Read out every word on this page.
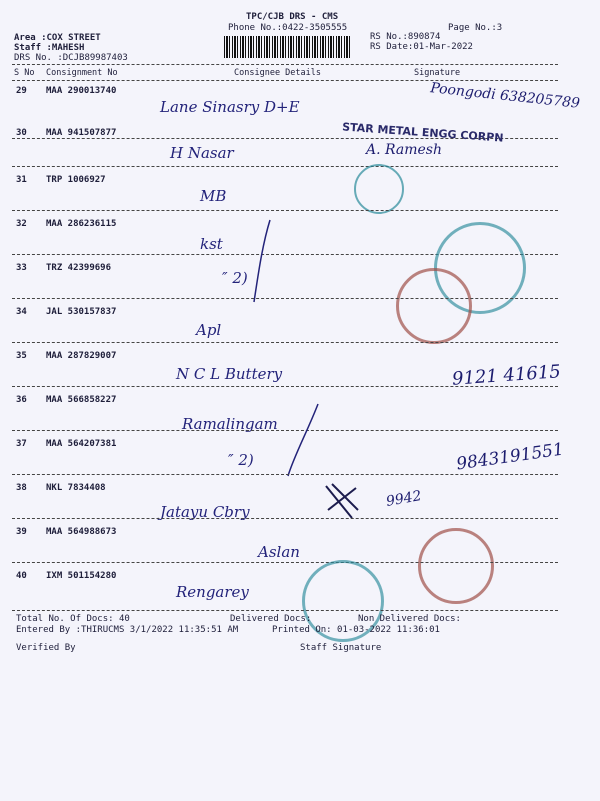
TPC/CJB DRS - CMS
Phone No.:0422-3505555	Page No.:3
Area :COX STREET
Staff :MAHESH
DRS No. :DCJB89987403
RS No.:890874
RS Date:01-Mar-2022
S No Consignment No	Consignee Details	Signature
29 MAA 290013740
Lane Sinasry D+E	Poongodi 638205789
30 MAA 941507877
H Nasar
STAR METAL ENGG CORPN
A. Ramesh
31 TRP 1006927
MB
32 MAA 286236115
kst
33 TRZ 42399696
″ 2)
34 JAL 530157837
Apl
35 MAA 287829007
N C L Buttery	9121 41615
36 MAA 566858227
Ramalingam
37 MAA 564207381
″ 2)	9843191551
38 NKL 7834408
Jatayu Cbry
9942
39 MAA 564988673
Aslan
40 IXM 501154280
Rengarey
Total No. Of Docs: 40	Delivered Docs:	Non Delivered Docs:
Entered By :THIRUCMS 3/1/2022 11:35:51 AM	Printed On: 01-03-2022 11:36:01
Verified By	Staff Signature
